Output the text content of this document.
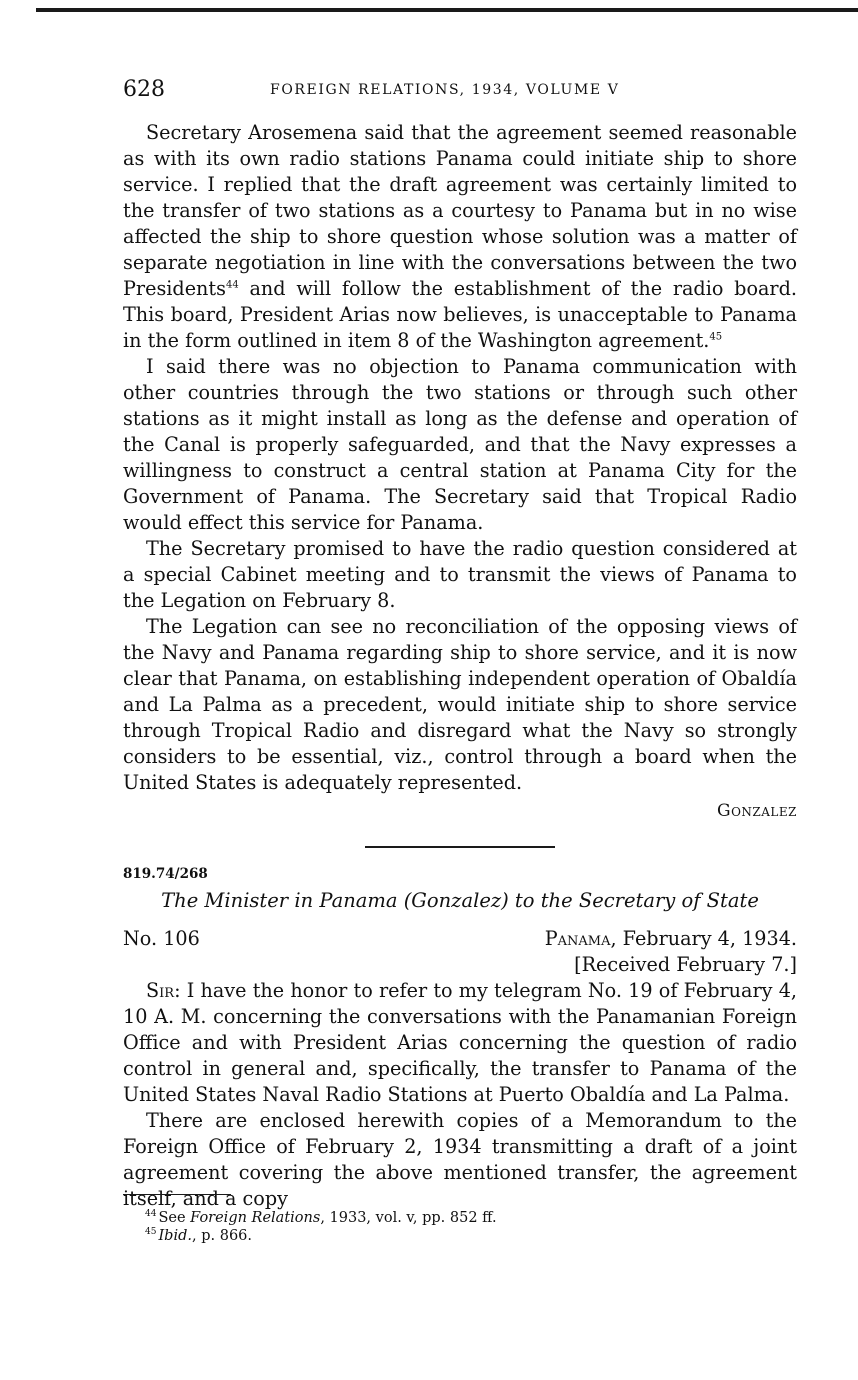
628	FOREIGN RELATIONS, 1934, VOLUME V

Secretary Arosemena said that the agreement seemed reasonable as with its own radio stations Panama could initiate ship to shore service. I replied that the draft agreement was certainly limited to the transfer of two stations as a courtesy to Panama but in no wise affected the ship to shore question whose solution was a matter of separate negotiation in line with the conversations between the two Presidents$^{44}$ and will follow the establishment of the radio board. This board, President Arias now believes, is unacceptable to Panama in the form outlined in item 8 of the Washington agreement.$^{45}$

I said there was no objection to Panama communication with other countries through the two stations or through such other stations as it might install as long as the defense and operation of the Canal is properly safeguarded, and that the Navy expresses a willingness to construct a central station at Panama City for the Government of Panama. The Secretary said that Tropical Radio would effect this service for Panama.

The Secretary promised to have the radio question considered at a special Cabinet meeting and to transmit the views of Panama to the Legation on February 8.

The Legation can see no reconciliation of the opposing views of the Navy and Panama regarding ship to shore service, and it is now clear that Panama, on establishing independent operation of Obaldía and La Palma as a precedent, would initiate ship to shore service through Tropical Radio and disregard what the Navy so strongly considers to be essential, viz., control through a board when the United States is adequately represented.

Gonzalez

819.74/268

The Minister in Panama (Gonzalez) to the Secretary of State

No. 106	Panama, February 4, 1934.

[Received February 7.]

Sir: I have the honor to refer to my telegram No. 19 of February 4, 10 A. M. concerning the conversations with the Panamanian Foreign Office and with President Arias concerning the question of radio control in general and, specifically, the transfer to Panama of the United States Naval Radio Stations at Puerto Obaldía and La Palma.

There are enclosed herewith copies of a Memorandum to the Foreign Office of February 2, 1934 transmitting a draft of a joint agreement covering the above mentioned transfer, the agreement itself, and a copy

$^{44}$ See Foreign Relations, 1933, vol. v, pp. 852 ff.

$^{45}$ Ibid., p. 866.
